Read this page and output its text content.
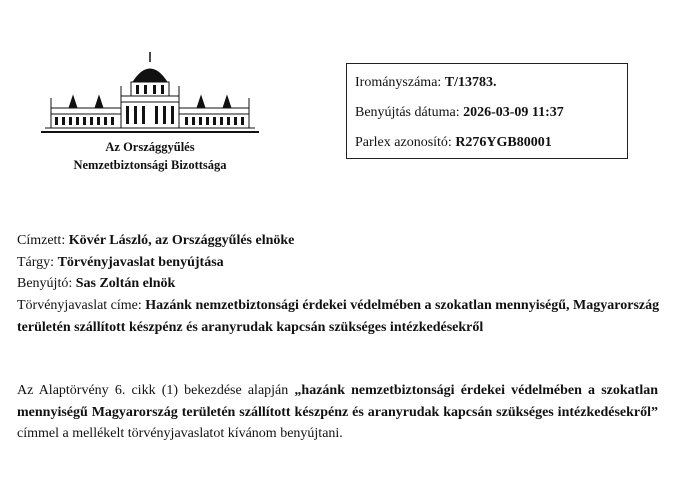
Az Országgyűlés
Nemzetbiztonsági Bizottsága
Irományszáma: T/13783.
Benyújtás dátuma: 2026-03-09 11:37
Parlex azonosító: R276YGB80001
Címzett: Kövér László, az Országgyűlés elnöke
Tárgy: Törvényjavaslat benyújtása
Benyújtó: Sas Zoltán elnök
Törvényjavaslat címe: Hazánk nemzetbiztonsági érdekei védelmében a szokatlan mennyiségű, Magyarország területén szállított készpénz és aranyrudak kapcsán szükséges intézkedésekről
Az Alaptörvény 6. cikk (1) bekezdése alapján „hazánk nemzetbiztonsági érdekei védelmében a szokatlan mennyiségű Magyarország területén szállított készpénz és aranyrudak kapcsán szükséges intézkedésekről” címmel a mellékelt törvényjavaslatot kívánom benyújtani.
